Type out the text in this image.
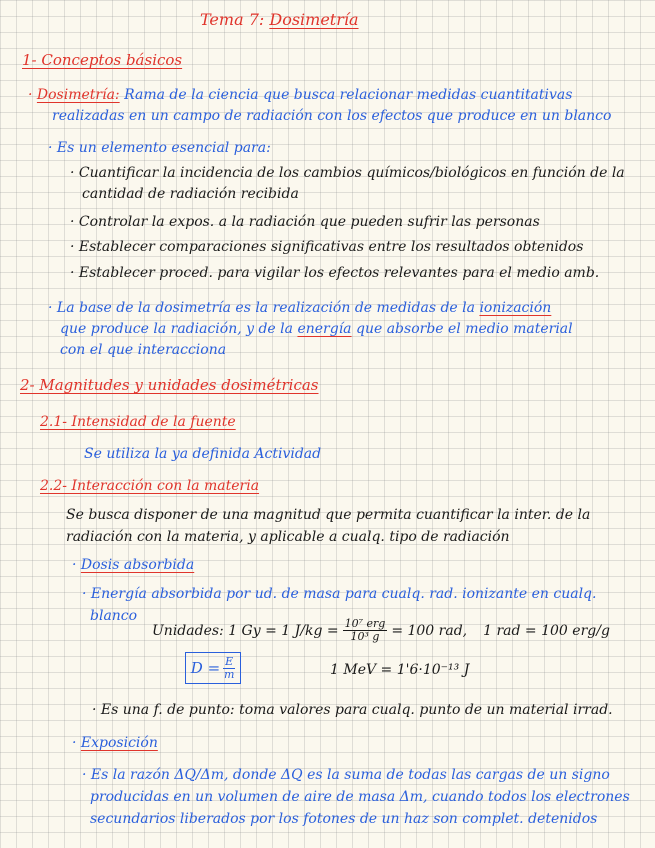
Tema 7: Dosimetría
1- Conceptos básicos
· Dosimetría: Rama de la ciencia que busca relacionar medidas cuantitativas
realizadas en un campo de radiación con los efectos que produce en un blanco
· Es un elemento esencial para:
· Cuantificar la incidencia de los cambios químicos/biológicos en función de la
cantidad de radiación recibida
· Controlar la expos. a la radiación que pueden sufrir las personas
· Establecer comparaciones significativas entre los resultados obtenidos
· Establecer proced. para vigilar los efectos relevantes para el medio amb.
· La base de la dosimetría es la realización de medidas de la ionización
que produce la radiación, y de la energía que absorbe el medio material
con el que interacciona
2- Magnitudes y unidades dosimétricas
2.1- Intensidad de la fuente
Se utiliza la ya definida Actividad
2.2- Interacción con la materia
Se busca disponer de una magnitud que permita cuantificar la inter. de la
radiación con la materia, y aplicable a cualq. tipo de radiación
· Dosis absorbida
· Energía absorbida por ud. de masa para cualq. rad. ionizante en cualq.
blanco
Unidades: 1 Gy = 1 $J/kg = \frac{\text{10⁷ erg}}{\text{10³ g}} = 100$ rad, 1 rad = 100 erg/g
$D = \frac{E}{m}$	1 MeV = 1'6·10⁻¹³ J
· Es una f. de punto: toma valores para cualq. punto de un material irrad.
· Exposición
· Es la razón ΔQ/Δm, donde ΔQ es la suma de todas las cargas de un signo
producidas en un volumen de aire de masa Δm, cuando todos los electrones
secundarios liberados por los fotones de un haz son complet. detenidos
